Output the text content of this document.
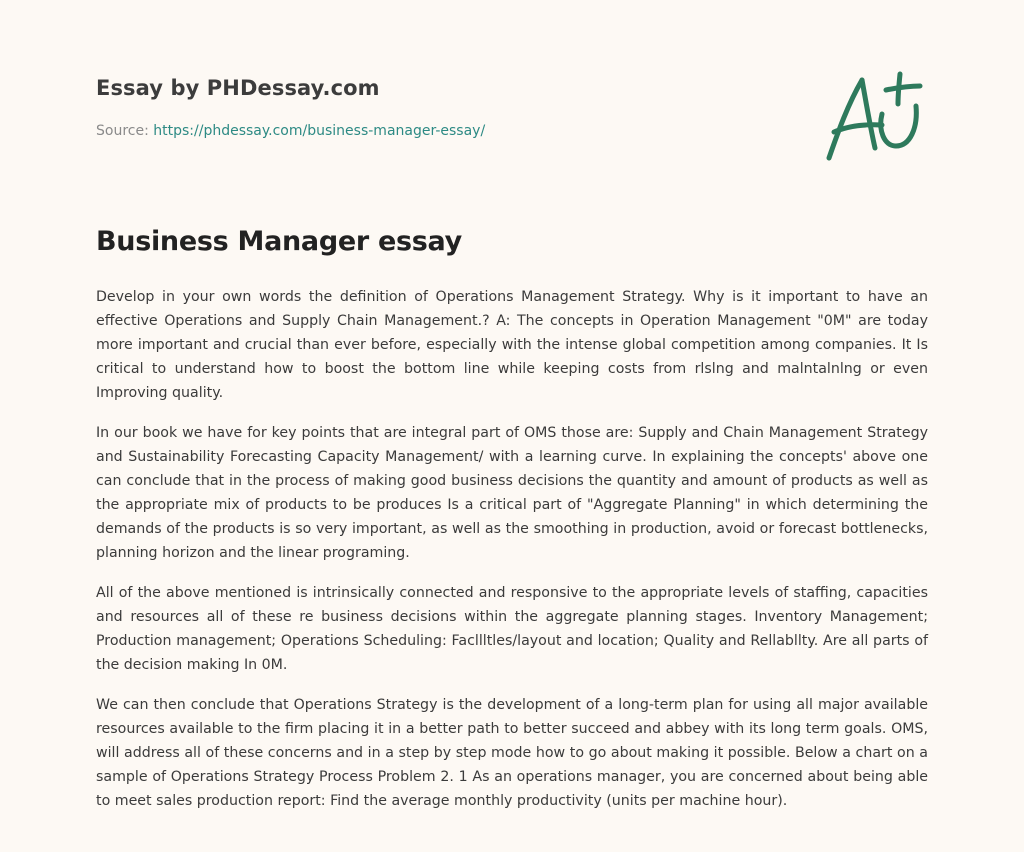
Essay by PHDessay.com
Source: https://phdessay.com/business-manager-essay/
Business Manager essay

Develop in your own words the definition of Operations Management Strategy. Why is it important to have an effective Operations and Supply Chain Management.? A: The concepts in Operation Management "0M" are today more important and crucial than ever before, especially with the intense global competition among companies. It Is critical to understand how to boost the bottom line while keeping costs from rlslng and malntalnlng or even Improving quality.

In our book we have for key points that are integral part of OMS those are: Supply and Chain Management Strategy and Sustainability Forecasting Capacity Management/ with a learning curve. In explaining the concepts' above one can conclude that in the process of making good business decisions the quantity and amount of products as well as the appropriate mix of products to be produces Is a critical part of "Aggregate Planning" in which determining the demands of the products is so very important, as well as the smoothing in production, avoid or forecast bottlenecks, planning horizon and the linear programing.

All of the above mentioned is intrinsically connected and responsive to the appropriate levels of staffing, capacities and resources all of these re business decisions within the aggregate planning stages. Inventory Management; Production management; Operations Scheduling: Facllltles/layout and location; Quality and Rellabllty. Are all parts of the decision making In 0M.

We can then conclude that Operations Strategy is the development of a long-term plan for using all major available resources available to the firm placing it in a better path to better succeed and abbey with its long term goals. OMS, will address all of these concerns and in a step by step mode how to go about making it possible. Below a chart on a sample of Operations Strategy Process Problem 2. 1 As an operations manager, you are concerned about being able to meet sales production report: Find the average monthly productivity (units per machine hour).
